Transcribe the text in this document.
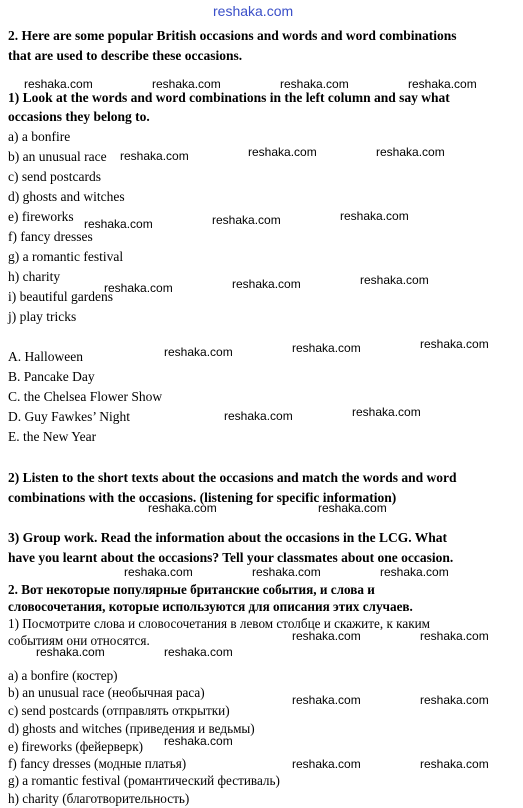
reshaka.com
2. Here are some popular British occasions and words and word combinations
that are used to describe these occasions.
1) Look at the words and word combinations in the left column and say what
occasions they belong to.
a) a bonfire
b) an unusual race
c) send postcards
d) ghosts and witches
e) fireworks
f) fancy dresses
g) a romantic festival
h) charity
i) beautiful gardens
j) play tricks
A. Halloween
B. Pancake Day
C. the Chelsea Flower Show
D. Guy Fawkes’ Night
E. the New Year
2) Listen to the short texts about the occasions and match the words and word
combinations with the occasions. (listening for specific information)
3) Group work. Read the information about the occasions in the LCG. What
have you learnt about the occasions? Tell your classmates about one occasion.
2. Вот некоторые популярные британские события, и слова и
словосочетания, которые используются для описания этих случаев.
1) Посмотрите слова и словосочетания в левом столбце и скажите, к каким
событиям они относятся.
a) a bonfire (костер)
b) an unusual race (необычная раса)
c) send postcards (отправлять открытки)
d) ghosts and witches (приведения и ведьмы)
e) fireworks (фейерверк)
f) fancy dresses (модные платья)
g) a romantic festival (романтический фестиваль)
h) charity (благотворительность)
reshaka.com	reshaka.com	reshaka.com	reshaka.com
reshaka.com	reshaka.com	reshaka.com
reshaka.com	reshaka.com	reshaka.com
reshaka.com	reshaka.com	reshaka.com
reshaka.com	reshaka.com	reshaka.com
reshaka.com	reshaka.com
reshaka.com	reshaka.com
reshaka.com	reshaka.com	reshaka.com
reshaka.com	reshaka.com
reshaka.com	reshaka.com
reshaka.com	reshaka.com
reshaka.com
reshaka.com	reshaka.com
